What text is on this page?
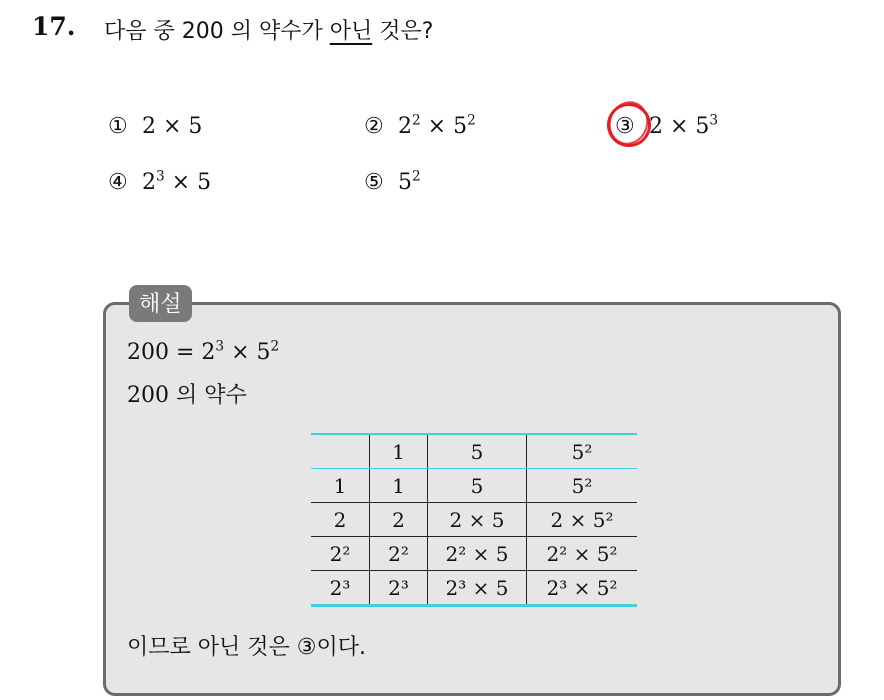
17. 다음 중 200 의 약수가 아닌 것은?
① 2 × 5	② $2^2 \times 5^2$	③ $2 \times 5^3$
④ $2^3 \times 5$	⑤ $5^2$
해설
$200 = 2^3 \times 5^2$
200 의 약수
	1	5	5²
1	1	5	5²
2	2	2 × 5	2 × 5²
2²	2²	2² × 5	2² × 5²
2³	2³	2³ × 5	2³ × 5²
이므로 아닌 것은 ③이다.
